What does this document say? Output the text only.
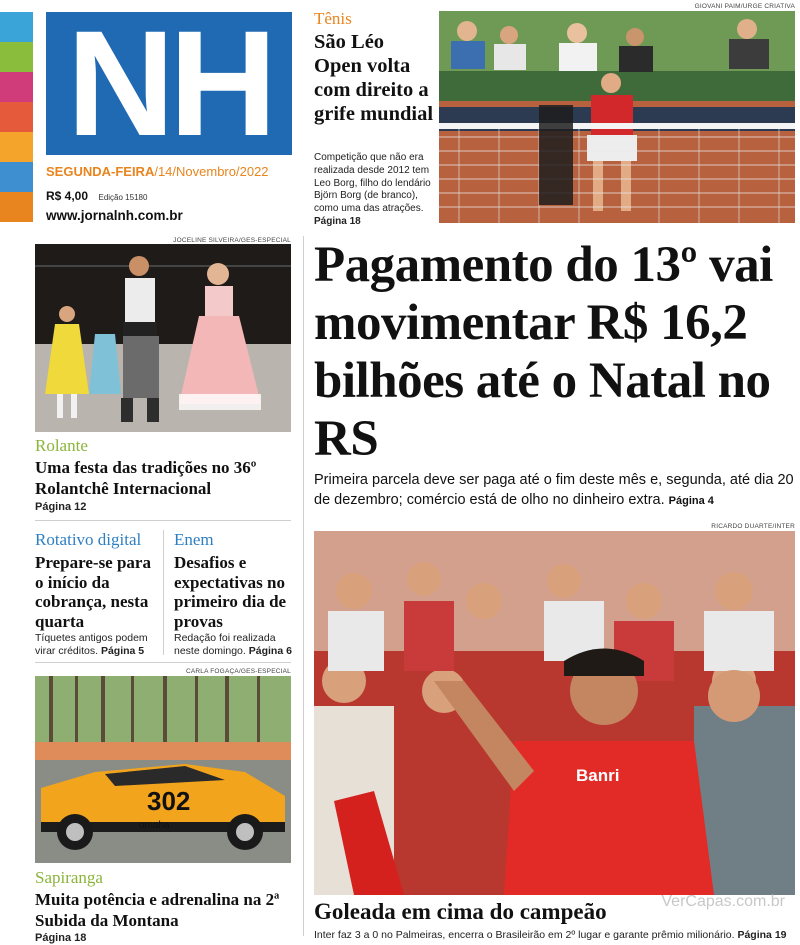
NH
SEGUNDA-FEIRA/14/Novembro/2022
R$ 4,00 Edição 15180
www.jornalnh.com.br
Tênis
São Léo Open volta com direito a grife mundial
Competição que não era realizada desde 2012 tem Leo Borg, filho do lendário Björn Borg (de branco), como uma das atrações. Página 18
GIOVANI PAIM/URGE CRIATIVA
JOCELINE SILVEIRA/GES-ESPECIAL
Rolante
Uma festa das tradições no 36º Rolantchê Internacional
Página 12
Pagamento do 13º vai movimentar R$ 16,2 bilhões até o Natal no RS
Primeira parcela deve ser paga até o fim deste mês e, segunda, até dia 20 de dezembro; comércio está de olho no dinheiro extra. Página 4
Rotativo digital
Prepare-se para o início da cobrança, nesta quarta
Tíquetes antigos podem virar créditos. Página 5
Enem
Desafios e expectativas no primeiro dia de provas
Redação foi realizada neste domingo. Página 6
CARLA FOGAÇA/GES-ESPECIAL
302
omaha
Sapiranga
Muita potência e adrenalina na 2ª Subida da Montana
Página 18
RICARDO DUARTE/INTER
Banri
VerCapas.com.br
Goleada em cima do campeão
Inter faz 3 a 0 no Palmeiras, encerra o Brasileirão em 2º lugar e garante prêmio milionário. Página 19
